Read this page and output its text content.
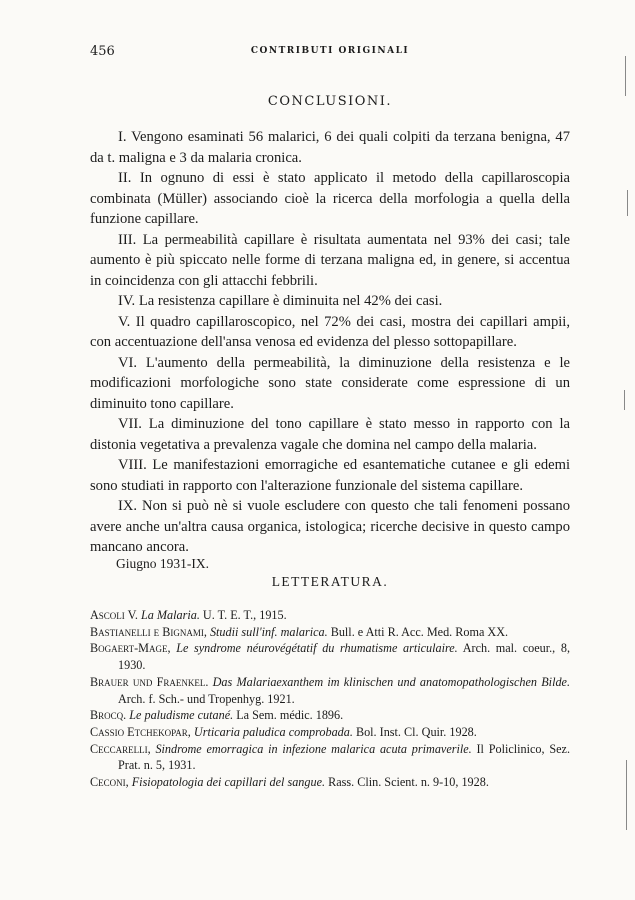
456	CONTRIBUTI ORIGINALI
CONCLUSIONI.

I. Vengono esaminati 56 malarici, 6 dei quali colpiti da terzana benigna, 47 da t. maligna e 3 da malaria cronica.

II. In ognuno di essi è stato applicato il metodo della capillaroscopia combinata (Müller) associando cioè la ricerca della morfologia a quella della funzione capillare.

III. La permeabilità capillare è risultata aumentata nel 93% dei casi; tale aumento è più spiccato nelle forme di terzana maligna ed, in genere, si accentua in coincidenza con gli attacchi febbrili.

IV. La resistenza capillare è diminuita nel 42% dei casi.

V. Il quadro capillaroscopico, nel 72% dei casi, mostra dei capillari ampii, con accentuazione dell'ansa venosa ed evidenza del plesso sottopapillare.

VI. L'aumento della permeabilità, la diminuzione della resistenza e le modificazioni morfologiche sono state considerate come espressione di un diminuito tono capillare.

VII. La diminuzione del tono capillare è stato messo in rapporto con la distonia vegetativa a prevalenza vagale che domina nel campo della malaria.

VIII. Le manifestazioni emorragiche ed esantematiche cutanee e gli edemi sono studiati in rapporto con l'alterazione funzionale del sistema capillare.

IX. Non si può nè si vuole escludere con questo che tali fenomeni possano avere anche un'altra causa organica, istologica; ricerche decisive in questo campo mancano ancora.

Giugno 1931-IX.
LETTERATURA.

Ascoli V. La Malaria. U. T. E. T., 1915.

Bastianelli e Bignami, Studii sull'inf. malarica. Bull. e Atti R. Acc. Med. Roma XX.

Bogaert-Mage, Le syndrome néurovégétatif du rhumatisme articulaire. Arch. mal. coeur., 8, 1930.

Brauer und Fraenkel. Das Malariaexanthem im klinischen und anatomopathologischen Bilde. Arch. f. Sch.- und Tropenhyg. 1921.

Brocq. Le paludisme cutané. La Sem. médic. 1896.

Cassio Etchekopar, Urticaria paludica comprobada. Bol. Inst. Cl. Quir. 1928.

Ceccarelli, Sindrome emorragica in infezione malarica acuta primaverile. Il Policlinico, Sez. Prat. n. 5, 1931.

Ceconi, Fisiopatologia dei capillari del sangue. Rass. Clin. Scient. n. 9-10, 1928.
